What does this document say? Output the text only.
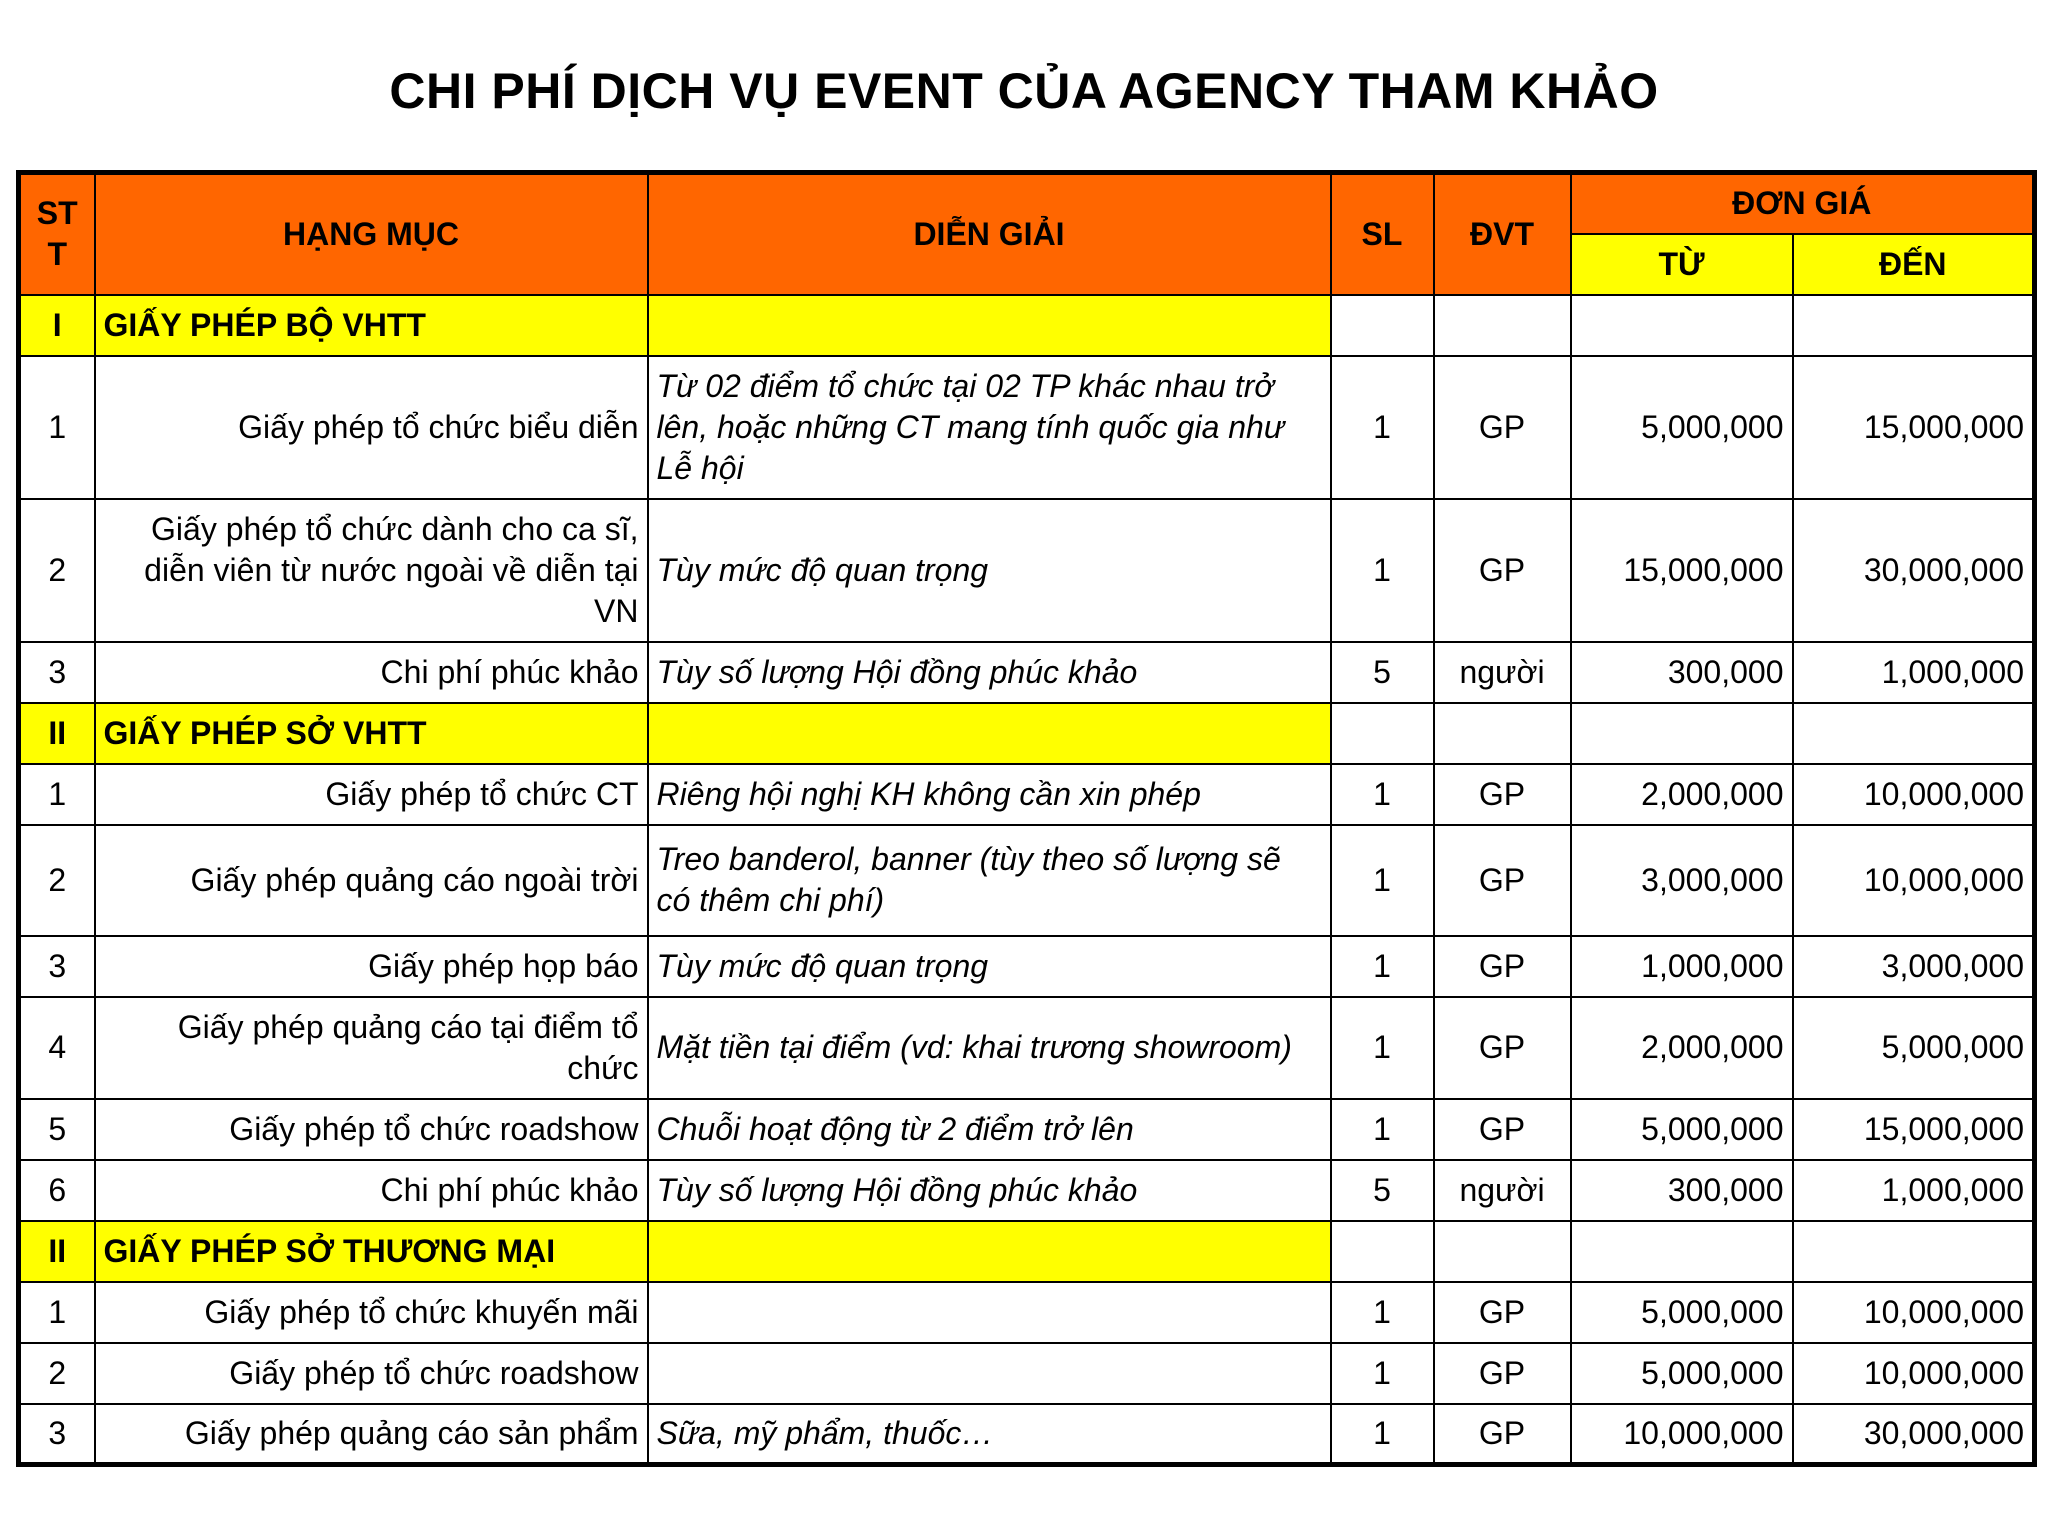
CHI PHÍ DỊCH VỤ EVENT CỦA AGENCY THAM KHẢO
ST T	HẠNG MỤC	DIỄN GIẢI	SL	ĐVT	ĐƠN GIÁ	
					TỪ	ĐẾN
I	GIẤY PHÉP BỘ VHTT					
1	Giấy phép tổ chức biểu diễn	Từ 02 điểm tổ chức tại 02 TP khác nhau trở lên, hoặc những CT mang tính quốc gia như Lễ hội	1	GP	5,000,000	15,000,000
2	Giấy phép tổ chức dành cho ca sĩ, diễn viên từ nước ngoài về diễn tại VN	Tùy mức độ quan trọng	1	GP	15,000,000	30,000,000
3	Chi phí phúc khảo	Tùy số lượng Hội đồng phúc khảo	5	người	300,000	1,000,000
II	GIẤY PHÉP SỞ VHTT					
1	Giấy phép tổ chức CT	Riêng hội nghị KH không cần xin phép	1	GP	2,000,000	10,000,000
2	Giấy phép quảng cáo ngoài trời	Treo banderol, banner (tùy theo số lượng sẽ có thêm chi phí)	1	GP	3,000,000	10,000,000
3	Giấy phép họp báo	Tùy mức độ quan trọng	1	GP	1,000,000	3,000,000
4	Giấy phép quảng cáo tại điểm tổ chức	Mặt tiền tại điểm (vd: khai trương showroom)	1	GP	2,000,000	5,000,000
5	Giấy phép tổ chức roadshow	Chuỗi hoạt động từ 2 điểm trở lên	1	GP	5,000,000	15,000,000
6	Chi phí phúc khảo	Tùy số lượng Hội đồng phúc khảo	5	người	300,000	1,000,000
II	GIẤY PHÉP SỞ THƯƠNG MẠI					
1	Giấy phép tổ chức khuyến mãi		1	GP	5,000,000	10,000,000
2	Giấy phép tổ chức roadshow		1	GP	5,000,000	10,000,000
3	Giấy phép quảng cáo sản phẩm	Sữa, mỹ phẩm, thuốc…	1	GP	10,000,000	30,000,000
